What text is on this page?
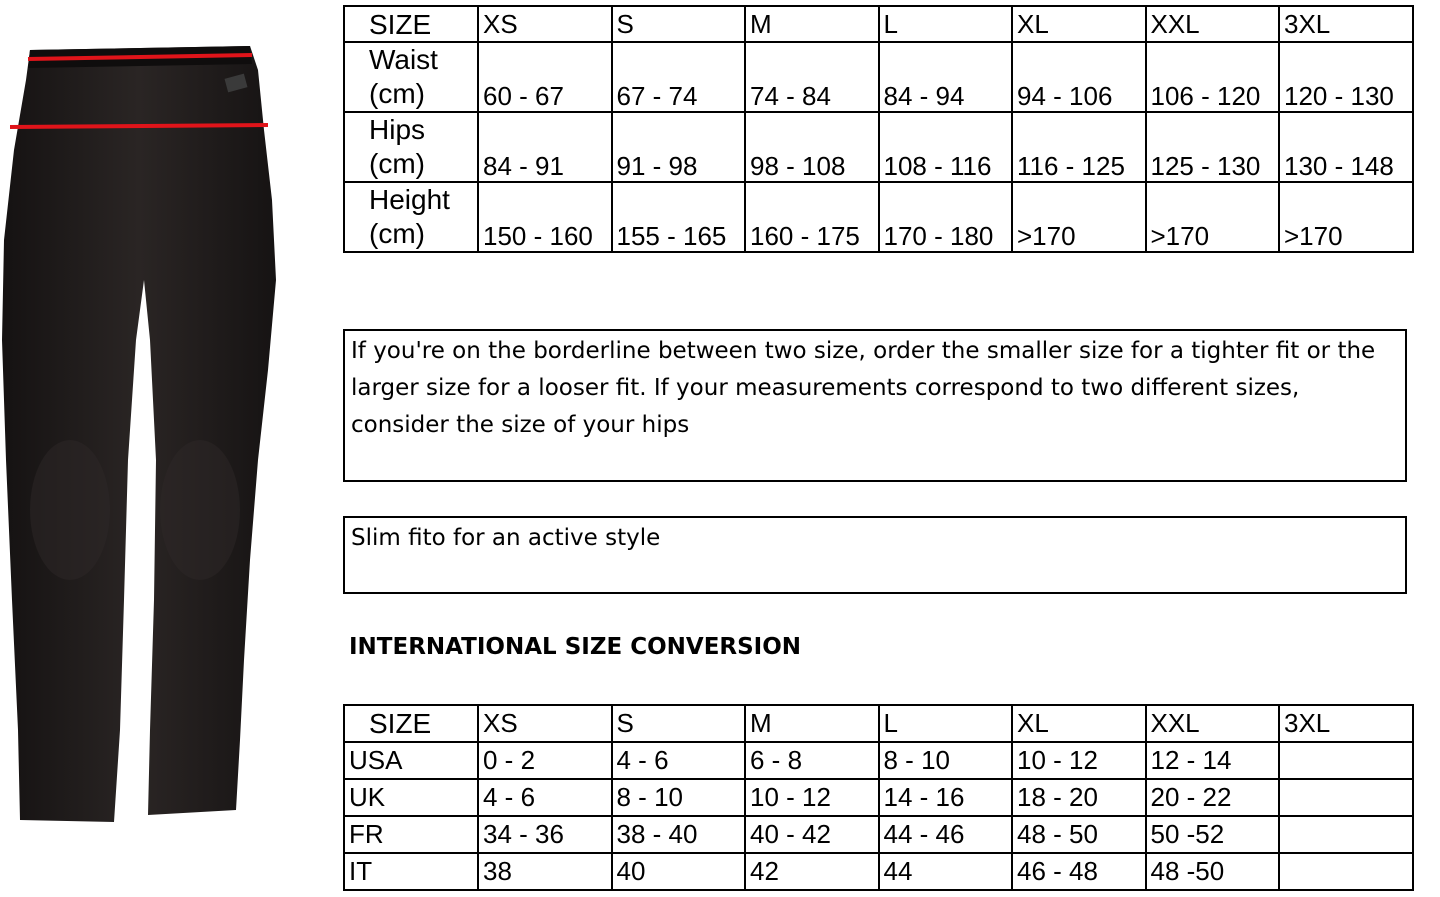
SIZE	XS	S	M	L	XL	XXL	3XL

Waist
(cm)	60 - 67	67 - 74	74 - 84	84 - 94	94 - 106	106 - 120	120 - 130

Hips
(cm)	84 - 91	91 - 98	98 - 108	108 - 116	116 - 125	125 - 130	130 - 148

Height
(cm)	150 - 160	155 - 165	160 - 175	170 - 180	>170	>170	>170
If you're on the borderline between two size, order the smaller size for a tighter fit or the larger size for a looser fit. If your measurements correspond to two different sizes, consider the size of your hips
Slim fito for an active style
INTERNATIONAL SIZE CONVERSION
SIZE	XS	S	M	L	XL	XXL	3XL
USA	0 - 2	4 - 6	6 - 8	8 - 10	10 - 12	12 - 14	
UK	4 - 6	8 - 10	10 - 12	14 - 16	18 - 20	20 - 22	
FR	34 - 36	38 - 40	40 - 42	44 - 46	48 - 50	50 -52	
IT	38	40	42	44	46 - 48	48 -50	
